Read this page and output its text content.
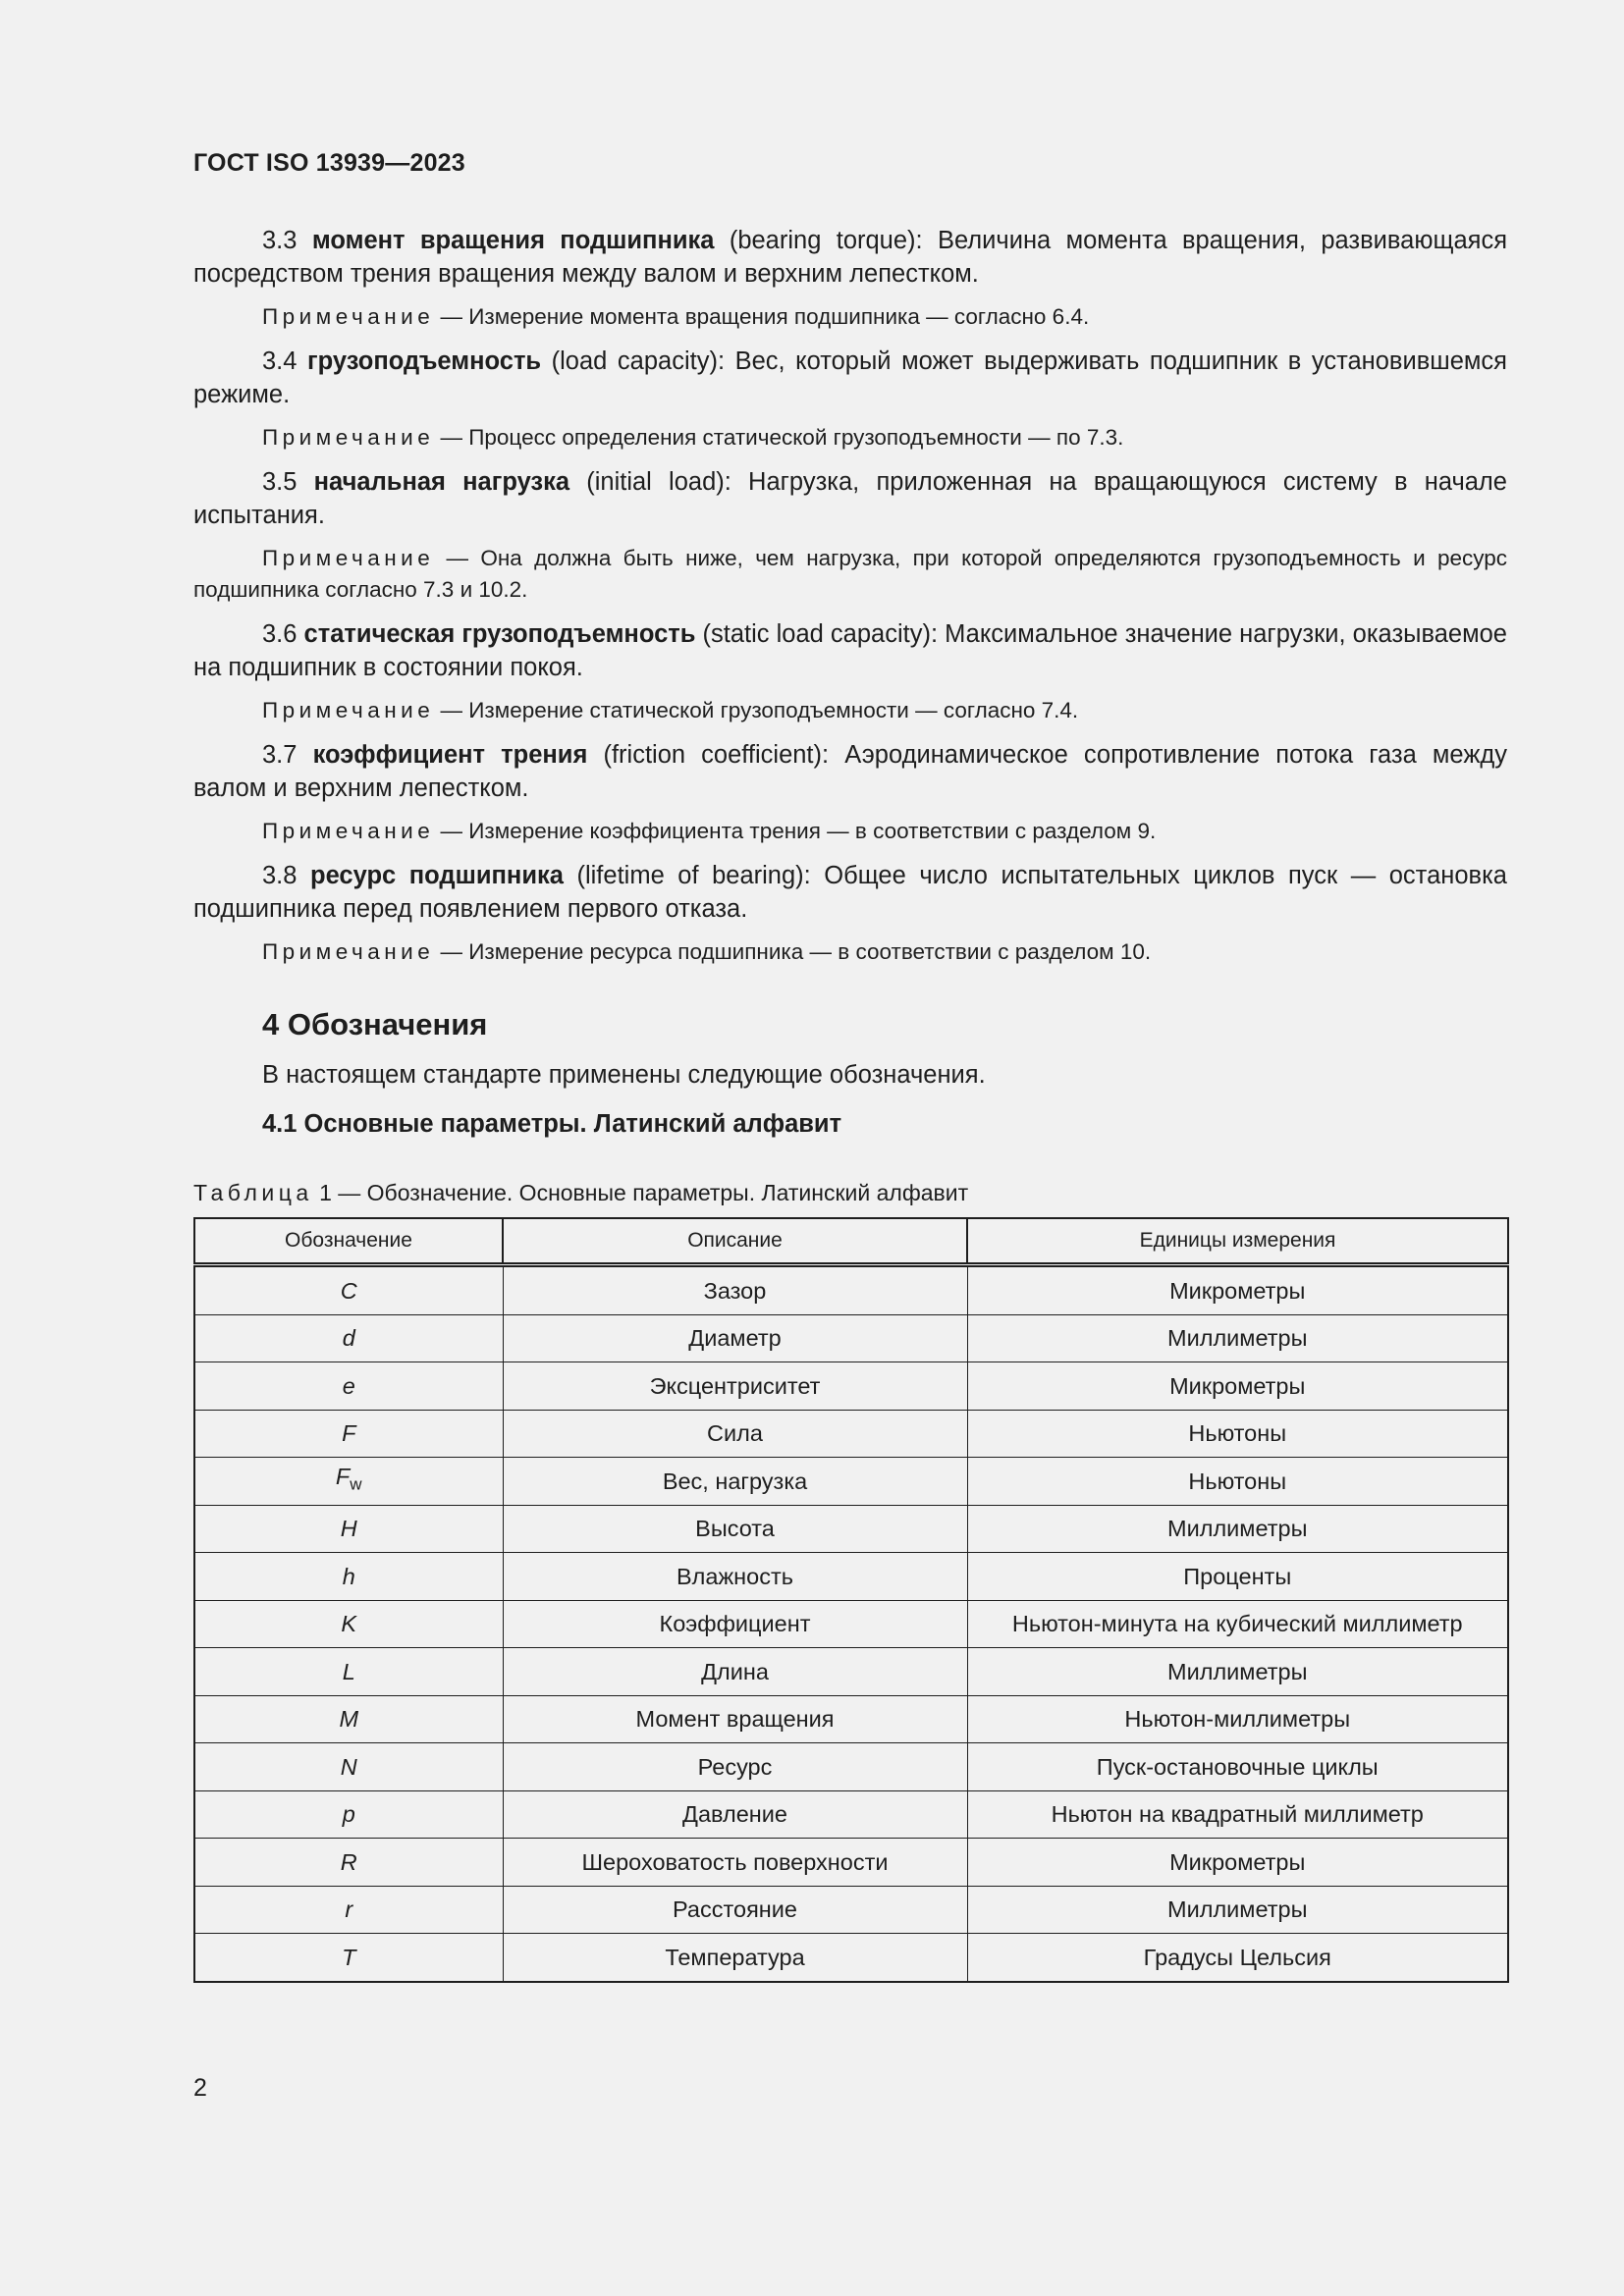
ГОСТ ISO 13939—2023

3.3 момент вращения подшипника (bearing torque): Величина момента вращения, развивающаяся посредством трения вращения между валом и верхним лепестком.

Примечание — Измерение момента вращения подшипника — согласно 6.4.

3.4 грузоподъемность (load capacity): Вес, который может выдерживать подшипник в установившемся режиме.

Примечание — Процесс определения статической грузоподъемности — по 7.3.

3.5 начальная нагрузка (initial load): Нагрузка, приложенная на вращающуюся систему в начале испытания.

Примечание — Она должна быть ниже, чем нагрузка, при которой определяются грузоподъемность и ресурс подшипника согласно 7.3 и 10.2.

3.6 статическая грузоподъемность (static load capacity): Максимальное значение нагрузки, оказываемое на подшипник в состоянии покоя.

Примечание — Измерение статической грузоподъемности — согласно 7.4.

3.7 коэффициент трения (friction coefficient): Аэродинамическое сопротивление потока газа между валом и верхним лепестком.

Примечание — Измерение коэффициента трения — в соответствии с разделом 9.

3.8 ресурс подшипника (lifetime of bearing): Общее число испытательных циклов пуск — остановка подшипника перед появлением первого отказа.

Примечание — Измерение ресурса подшипника — в соответствии с разделом 10.

4 Обозначения
В настоящем стандарте применены следующие обозначения.
4.1 Основные параметры. Латинский алфавит
Таблица 1 — Обозначение. Основные параметры. Латинский алфавит
Обозначение	Описание	Единицы измерения
C	Зазор	Микрометры
d	Диаметр	Миллиметры
e	Эксцентриситет	Микрометры
F	Сила	Ньютоны
$F_w$	Вес, нагрузка	Ньютоны
H	Высота	Миллиметры
h	Влажность	Проценты
K	Коэффициент	Ньютон-минута на кубический миллиметр
L	Длина	Миллиметры
M	Момент вращения	Ньютон-миллиметры
N	Ресурс	Пуск-остановочные циклы
p	Давление	Ньютон на квадратный миллиметр
R	Шероховатость поверхности	Микрометры
r	Расстояние	Миллиметры
T	Температура	Градусы Цельсия
2
